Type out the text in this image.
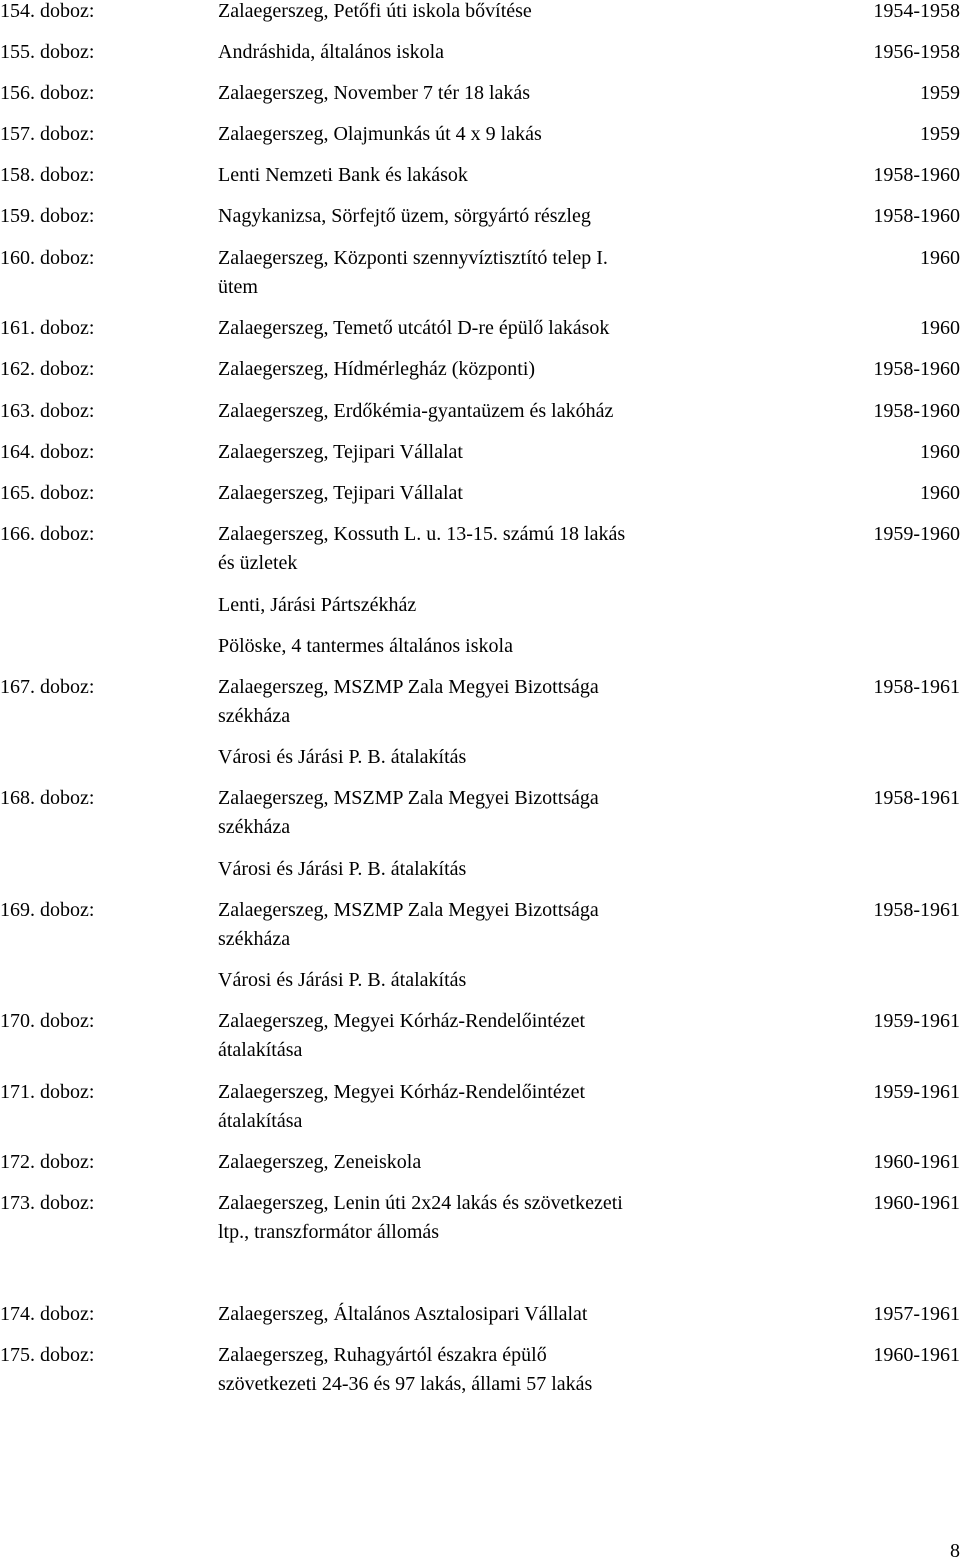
154. doboz:	Zalaegerszeg, Petőfi úti iskola bővítése	1954-1958
155. doboz:	Andráshida, általános iskola	1956-1958
156. doboz:	Zalaegerszeg, November 7 tér 18 lakás	1959
157. doboz:	Zalaegerszeg, Olajmunkás út 4 x 9 lakás	1959
158. doboz:	Lenti Nemzeti Bank és lakások	1958-1960
159. doboz:	Nagykanizsa, Sörfejtő üzem, sörgyártó részleg	1958-1960
160. doboz:	Zalaegerszeg, Központi szennyvíztisztító telep I.	1960
ütem
161. doboz:	Zalaegerszeg, Temető utcától D-re épülő lakások	1960
162. doboz:	Zalaegerszeg, Hídmérlegház (központi)	1958-1960
163. doboz:	Zalaegerszeg, Erdőkémia-gyantaüzem és lakóház	1958-1960
164. doboz:	Zalaegerszeg, Tejipari Vállalat	1960
165. doboz:	Zalaegerszeg, Tejipari Vállalat	1960
166. doboz:	Zalaegerszeg, Kossuth L. u. 13-15. számú 18 lakás	1959-1960
és üzletek
Lenti, Járási Pártszékház
Pölöske, 4 tantermes általános iskola
167. doboz:	Zalaegerszeg, MSZMP Zala Megyei Bizottsága	1958-1961
székháza
Városi és Járási P. B. átalakítás
168. doboz:	Zalaegerszeg, MSZMP Zala Megyei Bizottsága	1958-1961
székháza
Városi és Járási P. B. átalakítás
169. doboz:	Zalaegerszeg, MSZMP Zala Megyei Bizottsága	1958-1961
székháza
Városi és Járási P. B. átalakítás
170. doboz:	Zalaegerszeg, Megyei Kórház-Rendelőintézet	1959-1961
átalakítása
171. doboz:	Zalaegerszeg, Megyei Kórház-Rendelőintézet	1959-1961
átalakítása
172. doboz:	Zalaegerszeg, Zeneiskola	1960-1961
173. doboz:	Zalaegerszeg, Lenin úti 2x24 lakás és szövetkezeti	1960-1961
ltp., transzformátor állomás
174. doboz:	Zalaegerszeg, Általános Asztalosipari Vállalat	1957-1961
175. doboz:	Zalaegerszeg, Ruhagyártól északra épülő	1960-1961
szövetkezeti 24-36 és 97 lakás, állami 57 lakás
8
